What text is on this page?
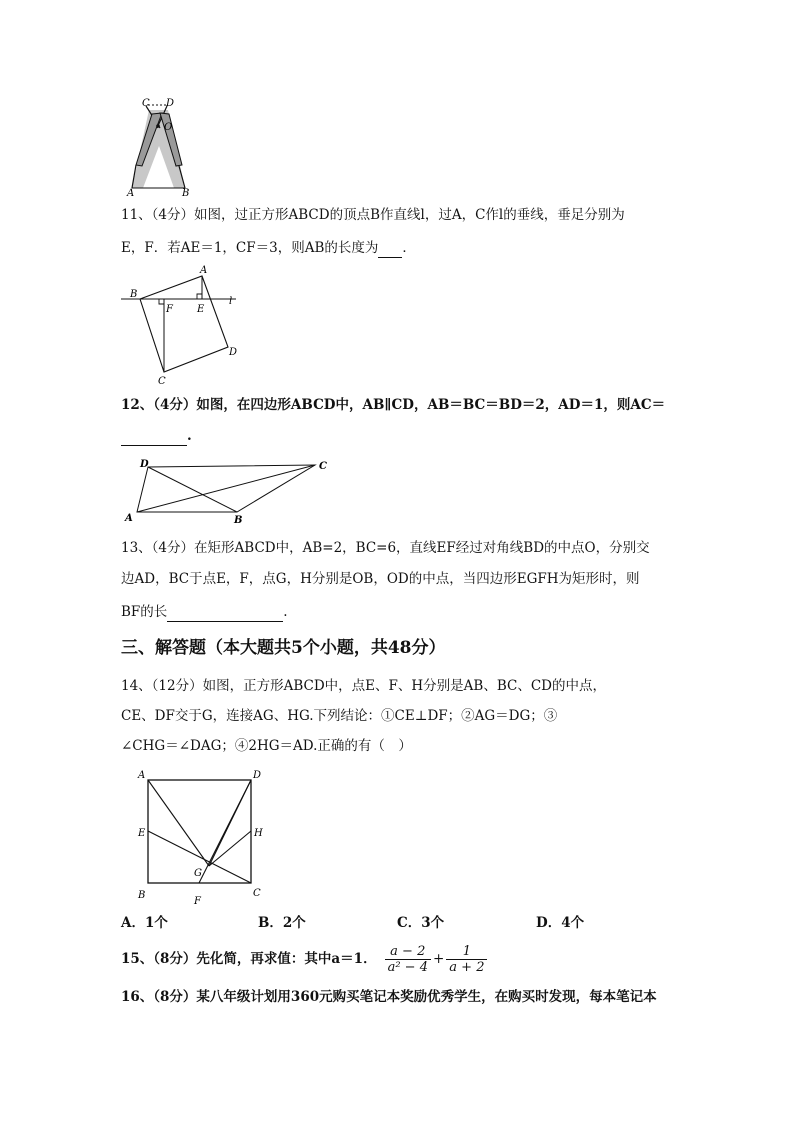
C D
O
A	B
11、（4分）如图，过正方形ABCD的顶点B作直线l，过A，C作l的垂线，垂足分别为
E，F．若AE＝1，CF＝3，则AB的长度为 ．
A
B
C
D
E
F
l
12、（4分）如图，在四边形ABCD中，AB∥CD，AB＝BC＝BD＝2，AD＝1，则AC＝
.
D	C
A	B
13、（4分）在矩形ABCD中，AB=2，BC=6，直线EF经过对角线BD的中点O，分别交
边AD，BC于点E，F，点G，H分别是OB，OD的中点，当四边形EGFH为矩形时，则
BF的长	.
三、解答题（本大题共5个小题，共48分）
14、（12分）如图，正方形ABCD中，点E、F、H分别是AB、BC、CD的中点，
CE、DF交于G，连接AG、HG.下列结论：①CE⊥DF；②AG＝DG；③
∠CHG＝∠DAG；④2HG＝AD.正确的有（　）
A	D
E	H
G
B
F
C
A．1个	B．2个	C．3个	D．4个
15、（8分）先化简，再求值：其中a＝1． $\frac{a - 2}{\text{a² − 4}} + \frac{1}{a + 2}$
16、（8分）某八年级计划用360元购买笔记本奖励优秀学生，在购买时发现，每本笔记本
